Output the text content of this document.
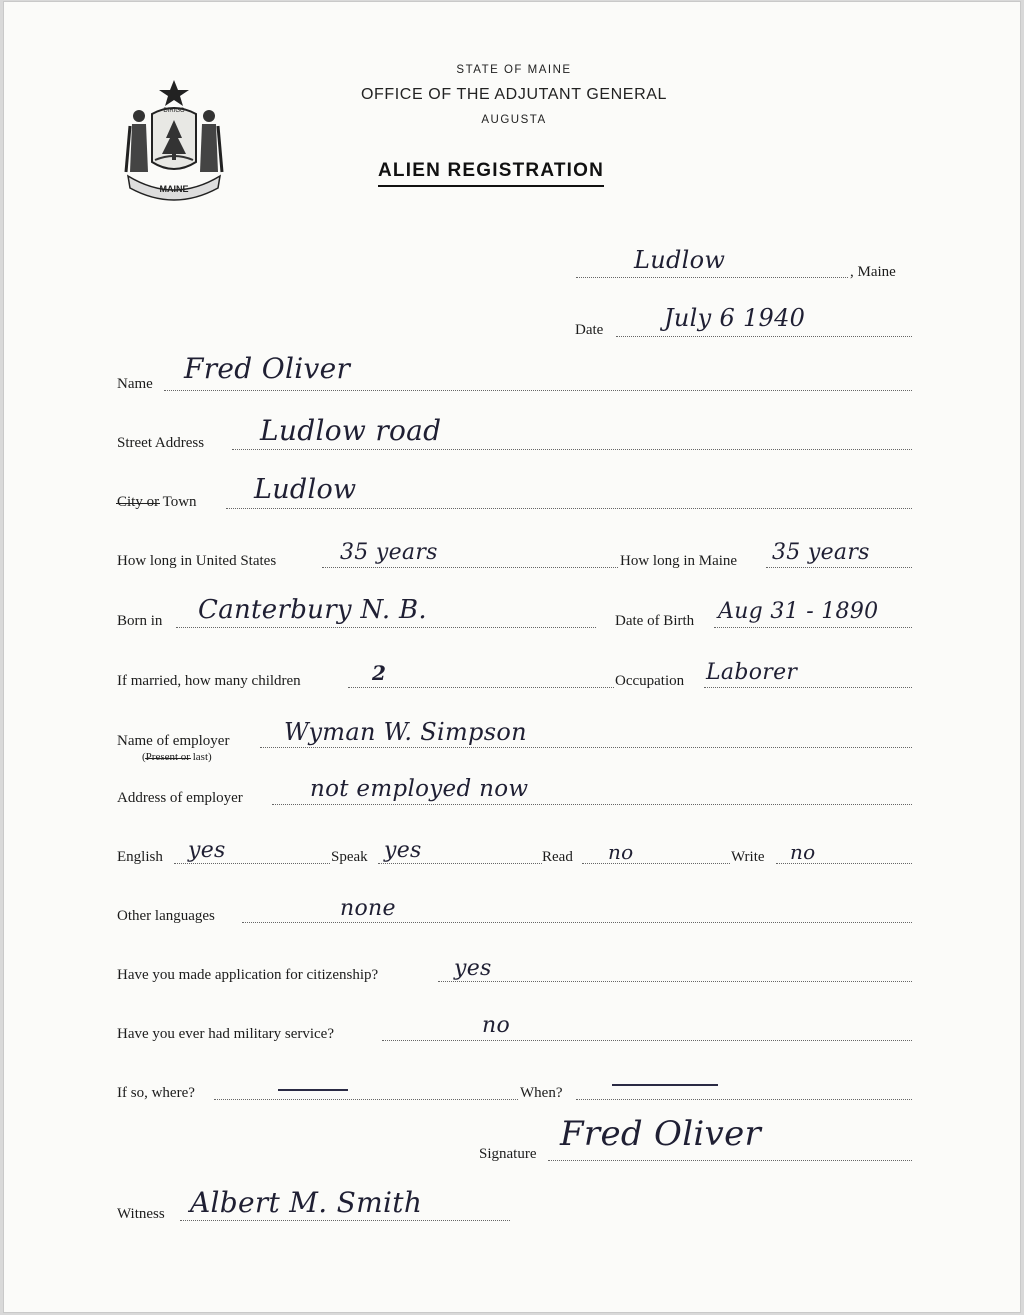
MAINE
DIRIGO
STATE OF MAINE
OFFICE OF THE ADJUTANT GENERAL
AUGUSTA
ALIEN REGISTRATION
Ludlow	, Maine
Date	July 6 1940
Name Fred Oliver
Street Address Ludlow road
City or Town Ludlow
How long in United States	35 years	How long in Maine 35 years
Born in Canterbury N. B.	Date of Birth Aug 31 - 1890
If married, how many children	2	Occupation Laborer
Name of employer
(Present or last)
Wyman W. Simpson
Address of employer	not employed now
English yes	Speak yes	Read no	Write no
Other languages	none
Have you made application for citizenship?	yes
Have you ever had military service?	no
If so, where?	When?
Signature Fred Oliver
Witness Albert M. Smith
